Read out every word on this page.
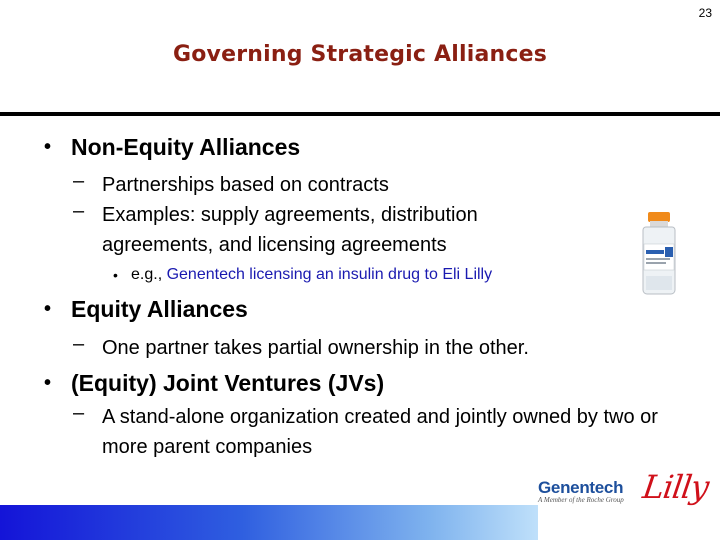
23
Governing Strategic Alliances
• Non-Equity Alliances
– Partnerships based on contracts
– Examples: supply agreements, distribution agreements, and licensing agreements
• e.g., Genentech licensing an insulin drug to Eli Lilly
• Equity Alliances
– One partner takes partial ownership in the other.
• (Equity) Joint Ventures (JVs)
– A stand-alone organization created and jointly owned by two or more parent companies
Genentech
A Member of the Roche Group Lilly
